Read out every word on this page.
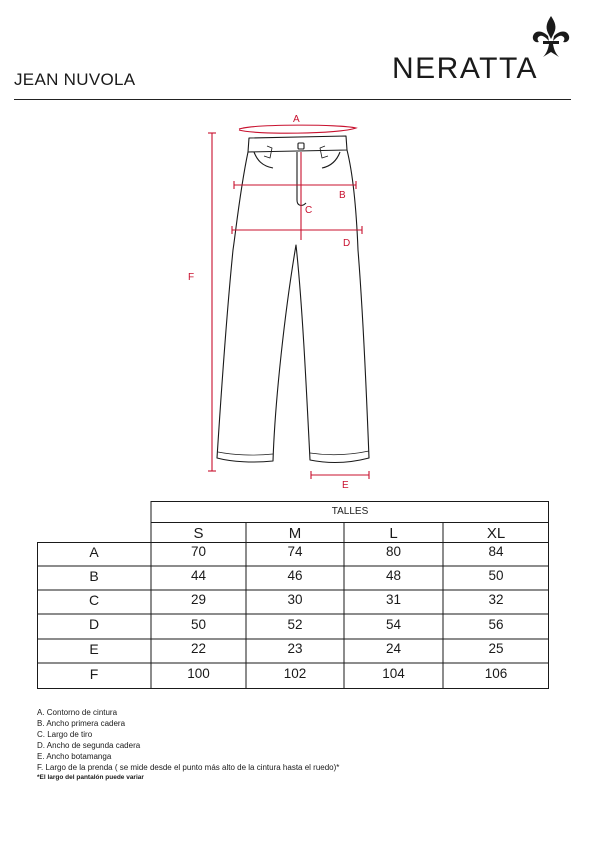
JEAN NUVOLA	NERATTA
A
B
C
D
E
F
TALLES
S	M	L	XL
A	70	74	80	84
B	44	46	48	50
C	29	30	31	32
D	50	52	54	56
E	22	23	24	25
F	100	102	104	106
A. Contorno de cintura
B. Ancho primera cadera
C. Largo de tiro
D. Ancho de segunda cadera
E. Ancho botamanga
F. Largo de la prenda ( se mide desde el punto más alto de la cintura hasta el ruedo)*
*El largo del pantalón puede variar
